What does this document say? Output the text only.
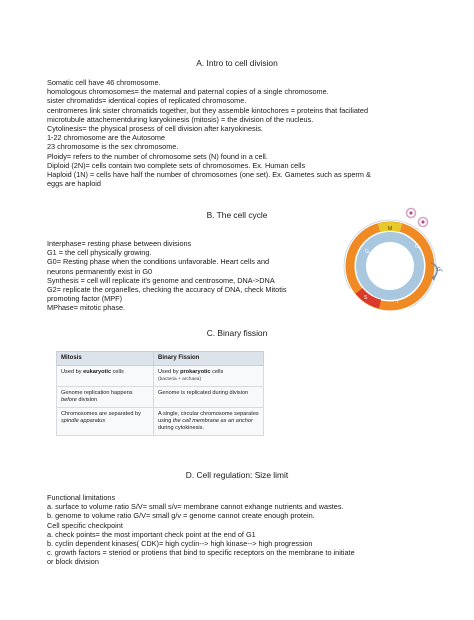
A. Intro to cell division
Somatic cell have 46 chromosome.
homologous chromosomes= the maternal and paternal copies of a single chromosome.
sister chromatids= identical copies of replicated chromosome.
centromeres link sister chromatids together, but they assemble kintochores = proteins that faciliated
microtubule attachementduring karyokinesis (mitosis) = the division of the nucleus.
Cytolinesis= the physical prosess of cell division after karyokinesis.
1-22 chromosome are the Autosome
23 chromosome is the sex chromosome.
Ploidy= refers to the number of chromosome sets (N) found in a cell.
Diploid (2N)= cells contain two complete sets of chromosomes. Ex. Human cells
Haploid (1N) = cells have half the number of chromosomes (one set). Ex. Gametes such as sperm &
eggs are haploid
B. The cell cycle
Interphase= resting phase between divisions
G1 = the cell physically growing.
G0= Resting phase when the conditions unfavorable. Heart cells and
neurons permanently exist in G0
Synthesis = cell will replicate it's genome and centrosome, DNA->DNA
G2= replicate the organelles, checking the accuracy of DNA, check Mitotis
promoting factor (MPF)
MPhase= mitotic phase.
M
G₁
S
G₂
I
G₀
C. Binary fission
Mitosis	Binary Fission
Used by eukaryotic cells	Used by prokaryotic cells
(bacteria + archaea)
Genome replication happens before division	Genome is replicated during division
Chromosomes are separated by spindle apparatus	A single, circular chromosome separates using the cell membrane as an anchor during cytokinesis.
D. Cell regulation: Size limit
Functional limitations
a. surface to volume ratio S/V= small s/v= membrane cannot exhange nutrients and wastes.
b. genome to volume ratio G/V= small g/v = genome cannot create enough protein.
Cell specific checkpoint
a. check points= the most important check point at the end of G1
b. cyclin dependent kinases( CDK)= high cyclin--> high kinase--> high progression
c. growth factors = steriod or protiens that bind to specific receptors on the membrane to initiate
or block division
